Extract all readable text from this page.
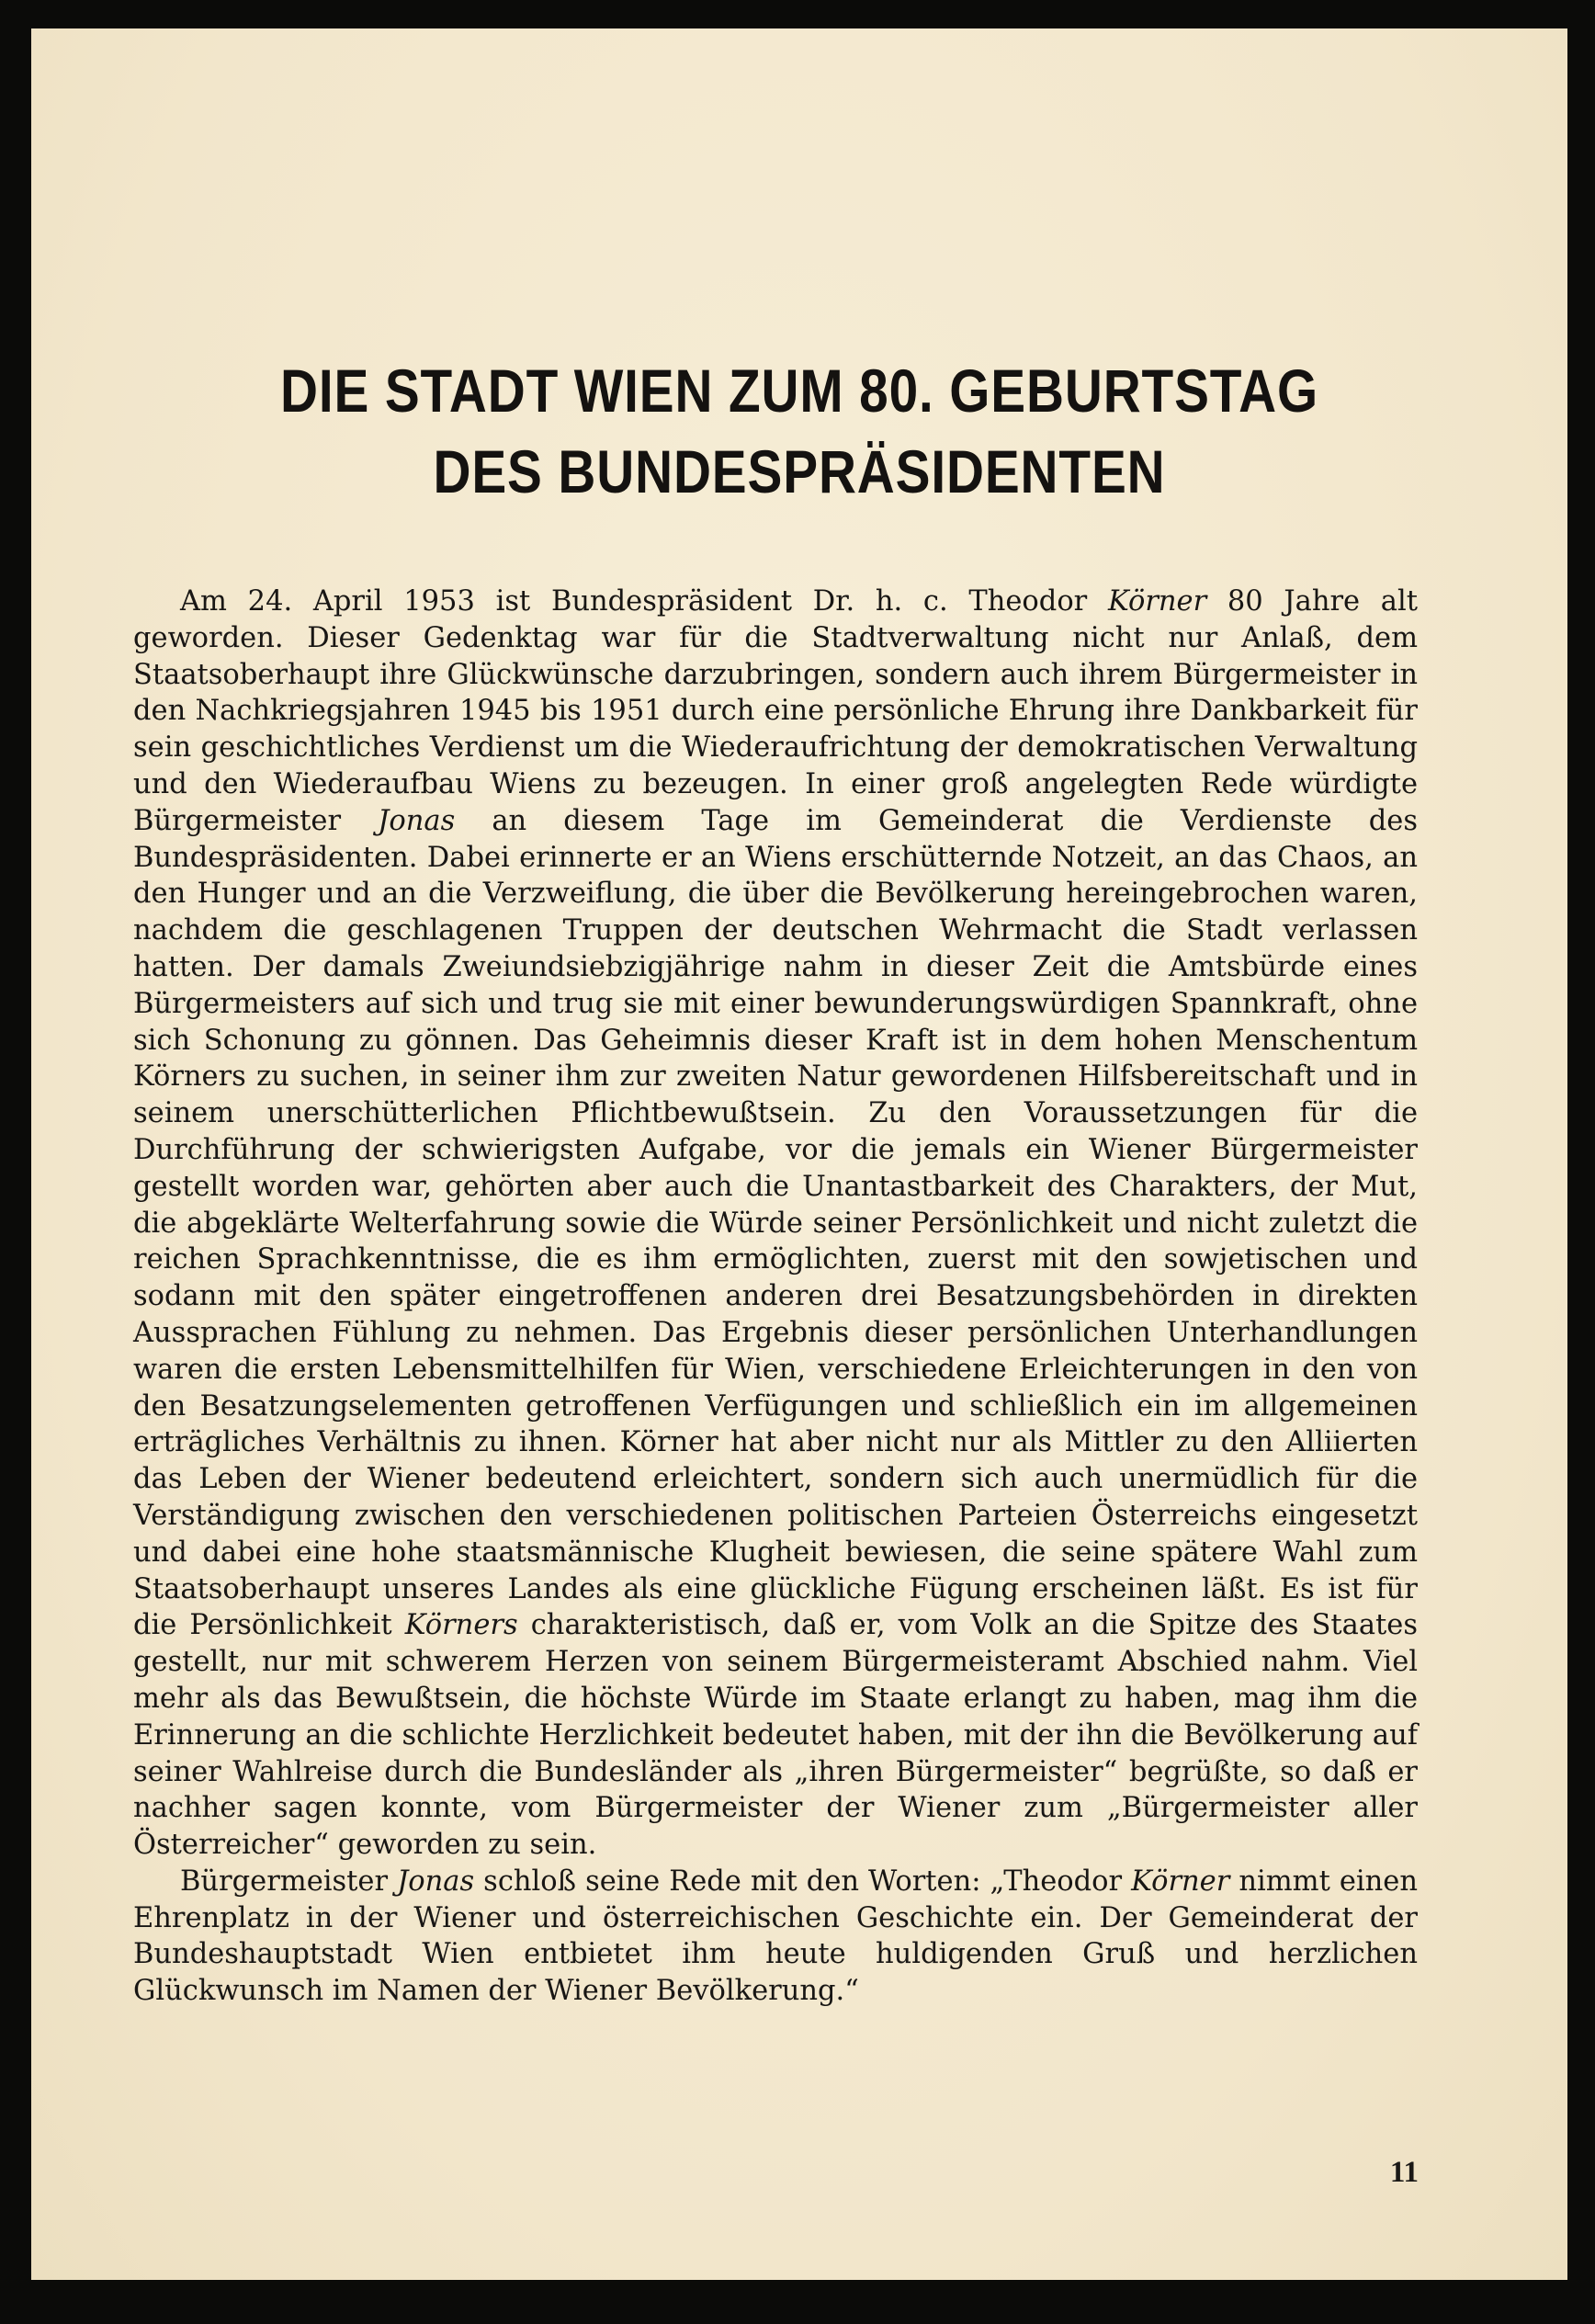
DIE STADT WIEN ZUM 80. GEBURTSTAG
DES BUNDESPRÄSIDENTEN

Am 24. April 1953 ist Bundespräsident Dr. h. c. Theodor Körner 80 Jahre alt geworden. Dieser Gedenktag war für die Stadtverwaltung nicht nur Anlaß, dem Staatsoberhaupt ihre Glückwünsche darzubringen, sondern auch ihrem Bürgermeister in den Nachkriegsjahren 1945 bis 1951 durch eine persönliche Ehrung ihre Dankbarkeit für sein geschichtliches Verdienst um die Wiederaufrichtung der demokratischen Verwaltung und den Wiederaufbau Wiens zu bezeugen. In einer groß angelegten Rede würdigte Bürgermeister Jonas an diesem Tage im Gemeinderat die Verdienste des Bundespräsidenten. Dabei erinnerte er an Wiens erschütternde Notzeit, an das Chaos, an den Hunger und an die Verzweiflung, die über die Bevölkerung hereingebrochen waren, nachdem die geschlagenen Truppen der deutschen Wehrmacht die Stadt verlassen hatten. Der damals Zweiundsiebzigjährige nahm in dieser Zeit die Amtsbürde eines Bürgermeisters auf sich und trug sie mit einer bewunderungswürdigen Spannkraft, ohne sich Schonung zu gönnen. Das Geheimnis dieser Kraft ist in dem hohen Menschentum Körners zu suchen, in seiner ihm zur zweiten Natur gewordenen Hilfsbereitschaft und in seinem unerschütterlichen Pflichtbewußtsein. Zu den Voraussetzungen für die Durchführung der schwierigsten Aufgabe, vor die jemals ein Wiener Bürgermeister gestellt worden war, gehörten aber auch die Unantastbarkeit des Charakters, der Mut, die abgeklärte Welterfahrung sowie die Würde seiner Persönlichkeit und nicht zuletzt die reichen Sprachkenntnisse, die es ihm ermöglichten, zuerst mit den sowjetischen und sodann mit den später eingetroffenen anderen drei Besatzungsbehörden in direkten Aussprachen Fühlung zu nehmen. Das Ergebnis dieser persönlichen Unterhandlungen waren die ersten Lebensmittelhilfen für Wien, verschiedene Erleichterungen in den von den Besatzungselementen getroffenen Verfügungen und schließlich ein im allgemeinen erträgliches Verhältnis zu ihnen. Körner hat aber nicht nur als Mittler zu den Alliierten das Leben der Wiener bedeutend erleichtert, sondern sich auch unermüdlich für die Verständigung zwischen den verschiedenen politischen Parteien Österreichs eingesetzt und dabei eine hohe staatsmännische Klugheit bewiesen, die seine spätere Wahl zum Staatsoberhaupt unseres Landes als eine glückliche Fügung erscheinen läßt. Es ist für die Persönlichkeit Körners charakteristisch, daß er, vom Volk an die Spitze des Staates gestellt, nur mit schwerem Herzen von seinem Bürgermeisteramt Abschied nahm. Viel mehr als das Bewußtsein, die höchste Würde im Staate erlangt zu haben, mag ihm die Erinnerung an die schlichte Herzlichkeit bedeutet haben, mit der ihn die Bevölkerung auf seiner Wahlreise durch die Bundesländer als „ihren Bürgermeister“ begrüßte, so daß er nachher sagen konnte, vom Bürgermeister der Wiener zum „Bürgermeister aller Österreicher“ geworden zu sein.

Bürgermeister Jonas schloß seine Rede mit den Worten: „Theodor Körner nimmt einen Ehrenplatz in der Wiener und österreichischen Geschichte ein. Der Gemeinderat der Bundeshauptstadt Wien entbietet ihm heute huldigenden Gruß und herzlichen Glückwunsch im Namen der Wiener Bevölkerung.“

11
